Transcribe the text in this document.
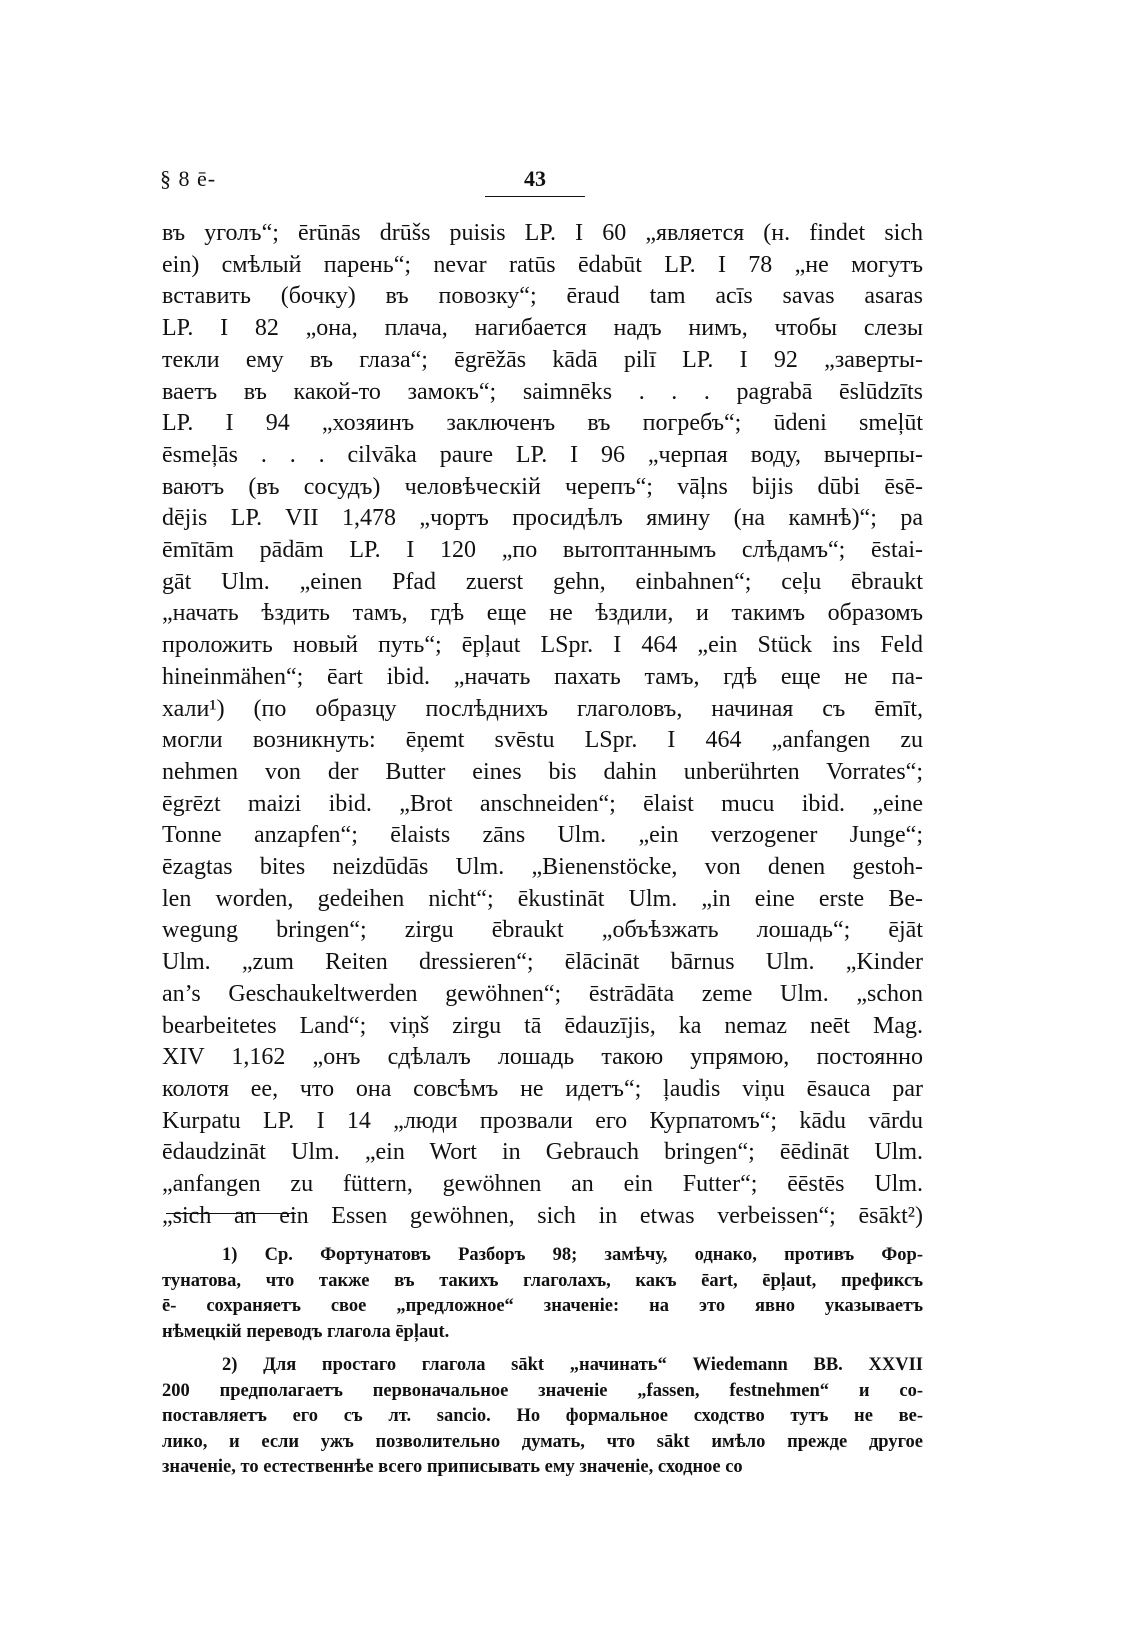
§ 8 ē-	43
въ уголъ“; ērūnās drūšs puisis LP. I 60 „является (н. findet sich
ein) смѣлый парень“; nevar ratūs ēdabūt LP. I 78 „не могутъ
вставить (бочку) въ повозку“; ēraud tam acīs savas asaras
LP. I 82 „она, плача, нагибается надъ нимъ, чтобы слезы
текли ему въ глаза“; ēgrēžās kādā pilī LP. I 92 „заверты-
ваетъ въ какой-то замокъ“; saimnēks . . . pagrabā ēslūdzīts
LP. I 94 „хозяинъ заключенъ въ погребъ“; ūdeni smeļūt
ēsmeļās . . . cilvāka paure LP. I 96 „черпая воду, вычерпы-
ваютъ (въ сосудъ) человѣческій черепъ“; vāļns bijis dūbi ēsē-
dējis LP. VII 1,478 „чортъ просидѣлъ ямину (на камнѣ)“; pa
ēmītām pādām LP. I 120 „по вытоптаннымъ слѣдамъ“; ēstai-
gāt Ulm. „einen Pfad zuerst gehn, einbahnen“; ceļu ēbraukt
„начать ѣздить тамъ, гдѣ еще не ѣздили, и такимъ образомъ
проложить новый путь“; ēpļaut LSpr. I 464 „ein Stück ins Feld
hineinmähen“; ēart ibid. „начать пахать тамъ, гдѣ еще не па-
хали¹) (по образцу послѣднихъ глаголовъ, начиная съ ēmīt,
могли возникнуть: ēņemt svēstu LSpr. I 464 „anfangen zu
nehmen von der Butter eines bis dahin unberührten Vorrates“;
ēgrēzt maizi ibid. „Brot anschneiden“; ēlaist mucu ibid. „eine
Tonne anzapfen“; ēlaists zāns Ulm. „ein verzogener Junge“;
ēzagtas bites neizdūdās Ulm. „Bienenstöcke, von denen gestoh-
len worden, gedeihen nicht“; ēkustināt Ulm. „in eine erste Be-
wegung bringen“; zirgu ēbraukt „объѣзжать лошадь“; ējāt
Ulm. „zum Reiten dressieren“; ēlācināt bārnus Ulm. „Kinder
an’s Geschaukeltwerden gewöhnen“; ēstrādāta zeme Ulm. „schon
bearbeitetes Land“; viņš zirgu tā ēdauzījis, ka nemaz neēt Mag.
XIV 1,162 „онъ сдѣлалъ лошадь такою упрямою, постоянно
колотя ее, что она совсѣмъ не идетъ“; ļaudis viņu ēsauca par
Kurpatu LP. I 14 „люди прозвали его Курпатомъ“; kādu vārdu
ēdaudzināt Ulm. „ein Wort in Gebrauch bringen“; ēēdināt Ulm.
„anfangen zu füttern, gewöhnen an ein Futter“; ēēstēs Ulm.
„sich an ein Essen gewöhnen, sich in etwas verbeissen“; ēsākt²)
1) Ср. Фортунатовъ Разборъ 98; замѣчу, однако, противъ Фор-
тунатова, что также въ такихъ глаголахъ, какъ ēart, ēpļaut, префиксъ
ē- сохраняетъ свое „предложное“ значеніе: на это явно указываетъ
нѣмецкій переводъ глагола ēpļaut.
2) Для простаго глагола sākt „начинать“ Wiedemann BB. XXVII
200 предполагаетъ первоначальное значеніе „fassen, festnehmen“ и со-
поставляетъ его съ лт. sancio. Но формальное сходство тутъ не ве-
лико, и если ужъ позволительно думать, что sākt имѣло прежде другое
значеніе, то естественнѣе всего приписывать ему значеніе, сходное со
